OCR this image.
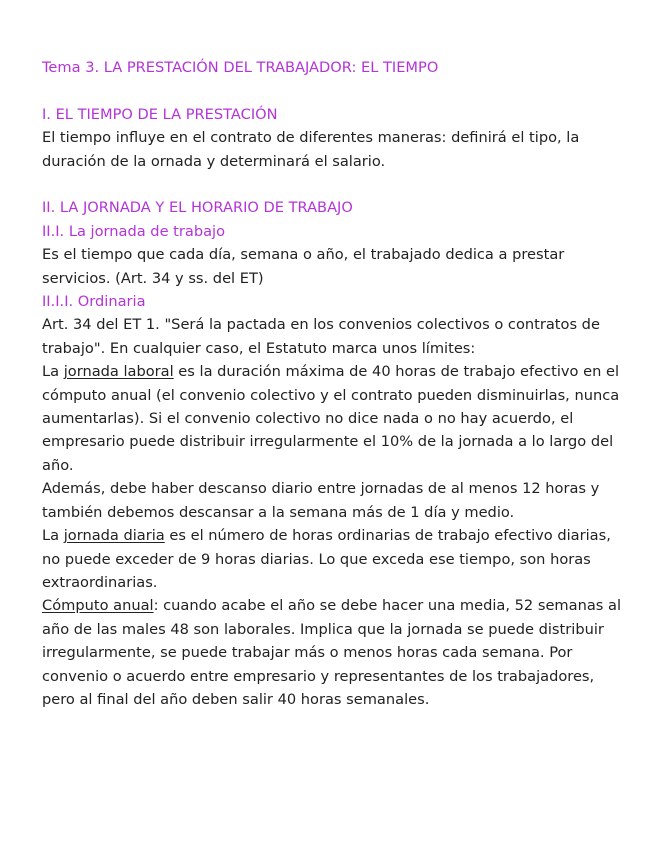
Tema 3. LA PRESTACIÓN DEL TRABAJADOR: EL TIEMPO
I. EL TIEMPO DE LA PRESTACIÓN

El tiempo influye en el contrato de diferentes maneras: definirá el tipo, la duración de la ornada y determinará el salario.

II. LA JORNADA Y EL HORARIO DE TRABAJO
II.I. La jornada de trabajo

Es el tiempo que cada día, semana o año, el trabajado dedica a prestar servicios. (Art. 34 y ss. del ET)

II.I.I. Ordinaria

Art. 34 del ET 1. "Será la pactada en los convenios colectivos o contratos de trabajo". En cualquier caso, el Estatuto marca unos límites:

La jornada laboral es la duración máxima de 40 horas de trabajo efectivo en el cómputo anual (el convenio colectivo y el contrato pueden disminuirlas, nunca aumentarlas). Si el convenio colectivo no dice nada o no hay acuerdo, el empresario puede distribuir irregularmente el 10% de la jornada a lo largo del año.

Además, debe haber descanso diario entre jornadas de al menos 12 horas y también debemos descansar a la semana más de 1 día y medio.

La jornada diaria es el número de horas ordinarias de trabajo efectivo diarias, no puede exceder de 9 horas diarias. Lo que exceda ese tiempo, son horas extraordinarias.

Cómputo anual: cuando acabe el año se debe hacer una media, 52 semanas al año de las males 48 son laborales. Implica que la jornada se puede distribuir irregularmente, se puede trabajar más o menos horas cada semana. Por convenio o acuerdo entre empresario y representantes de los trabajadores, pero al final del año deben salir 40 horas semanales.
